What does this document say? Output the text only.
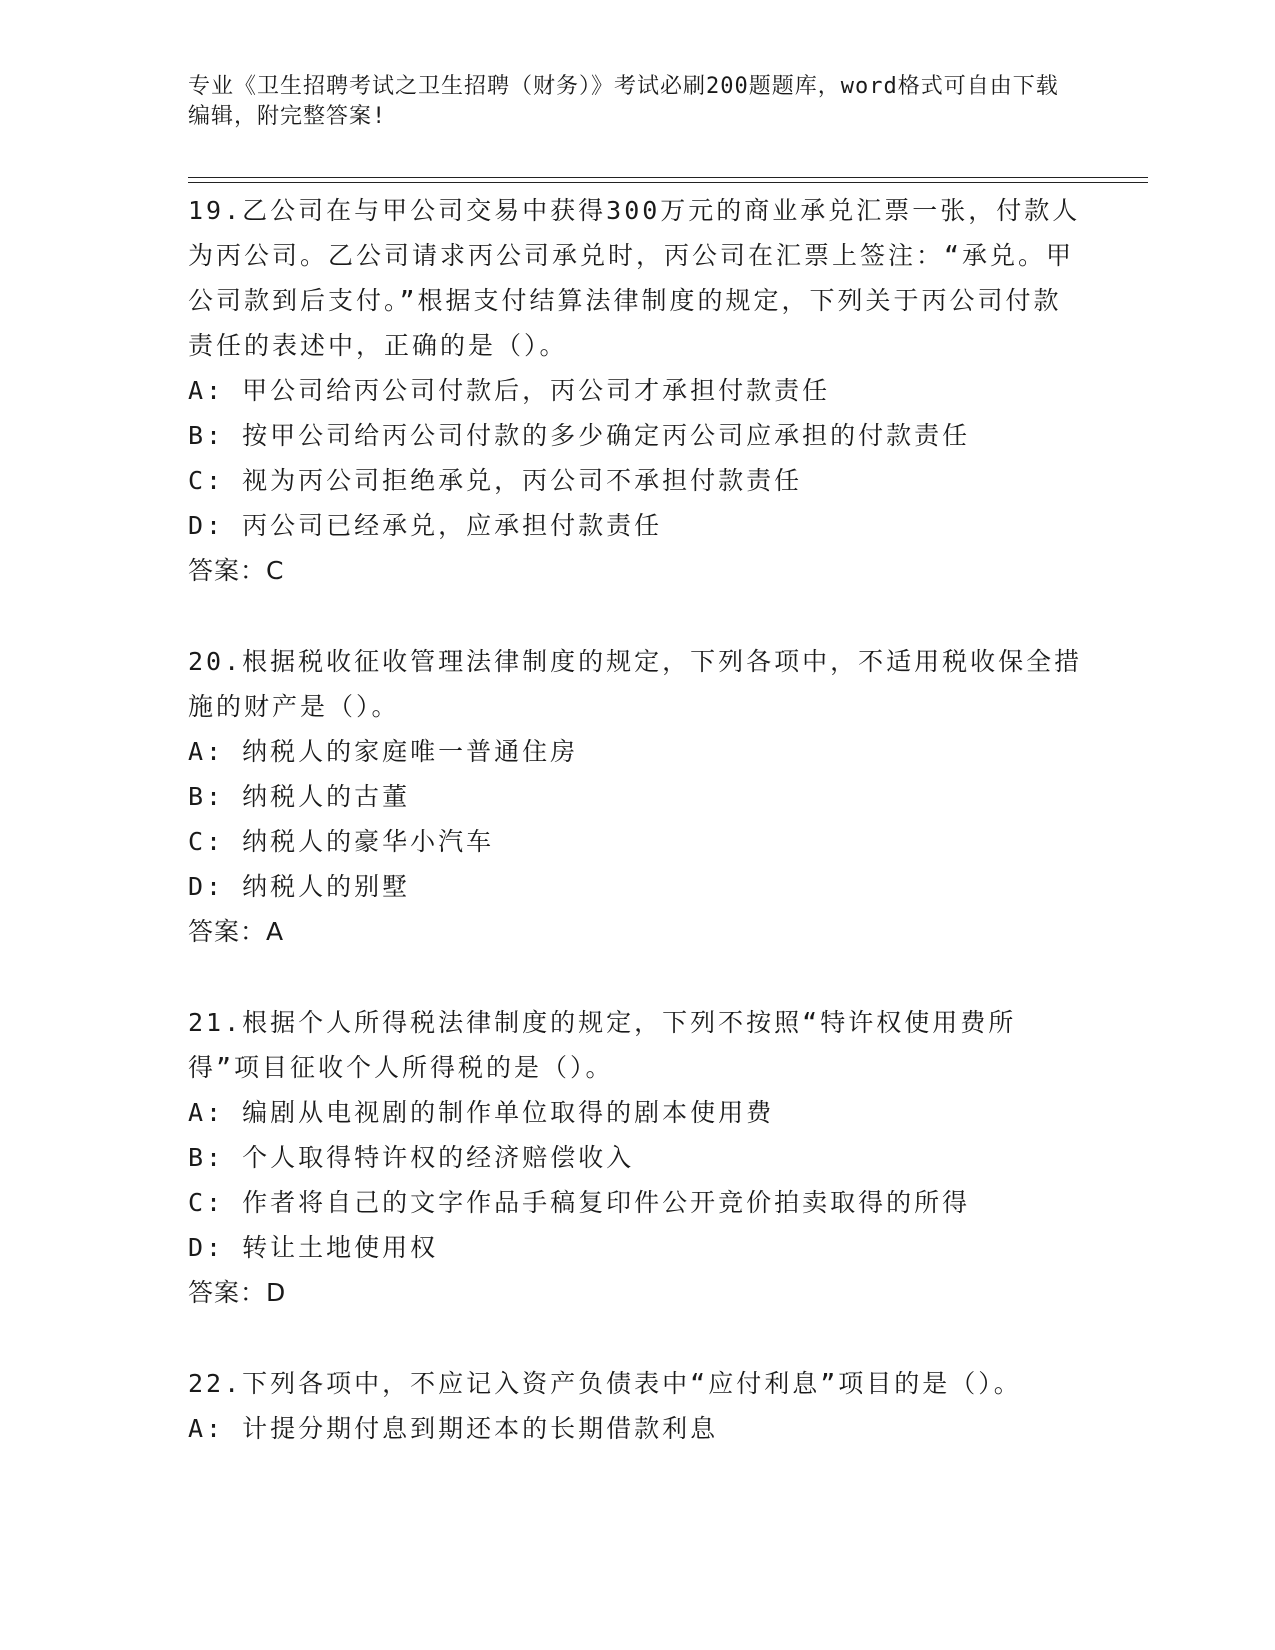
专业《卫生招聘考试之卫生招聘（财务）》考试必刷200题题库，word格式可自由下载编辑，附完整答案!
19.乙公司在与甲公司交易中获得300万元的商业承兑汇票一张，付款人为丙公司。乙公司请求丙公司承兑时，丙公司在汇票上签注：“承兑。甲公司款到后支付。”根据支付结算法律制度的规定，下列关于丙公司付款责任的表述中，正确的是（）。
A: 甲公司给丙公司付款后，丙公司才承担付款责任
B: 按甲公司给丙公司付款的多少确定丙公司应承担的付款责任
C: 视为丙公司拒绝承兑，丙公司不承担付款责任
D: 丙公司已经承兑，应承担付款责任
答案：C
20.根据税收征收管理法律制度的规定，下列各项中，不适用税收保全措施的财产是（）。
A: 纳税人的家庭唯一普通住房
B: 纳税人的古董
C: 纳税人的豪华小汽车
D: 纳税人的别墅
答案：A
21.根据个人所得税法律制度的规定，下列不按照“特许权使用费所得”项目征收个人所得税的是（）。
A: 编剧从电视剧的制作单位取得的剧本使用费
B: 个人取得特许权的经济赔偿收入
C: 作者将自己的文字作品手稿复印件公开竞价拍卖取得的所得
D: 转让土地使用权
答案：D
22.下列各项中，不应记入资产负债表中“应付利息”项目的是（）。
A: 计提分期付息到期还本的长期借款利息
